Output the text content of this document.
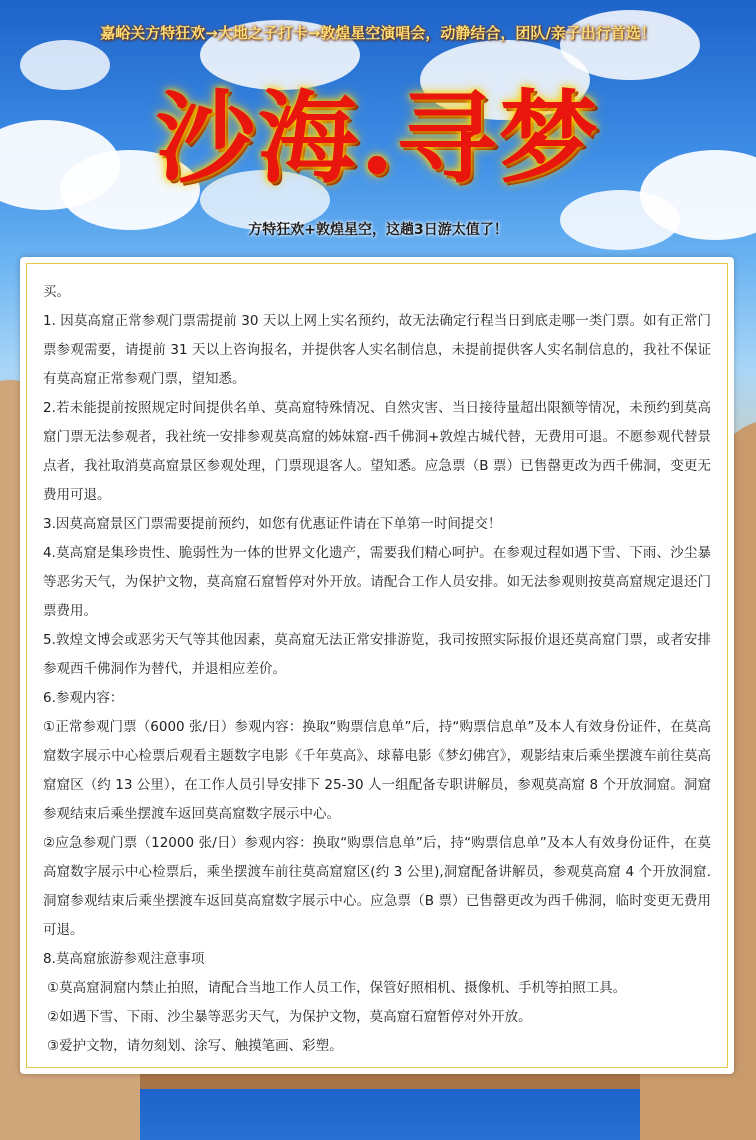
嘉峪关方特狂欢→大地之子打卡→敦煌星空演唱会，动静结合，团队/亲子出行首选！
沙海.寻梦
方特狂欢+敦煌星空，这趟3日游太值了！

买。

1. 因莫高窟正常参观门票需提前 30 天以上网上实名预约，故无法确定行程当日到底走哪一类门票。如有正常门票参观需要，请提前 31 天以上咨询报名，并提供客人实名制信息，未提前提供客人实名制信息的，我社不保证有莫高窟正常参观门票，望知悉。

2.若未能提前按照规定时间提供名单、莫高窟特殊情况、自然灾害、当日接待量超出限额等情况，未预约到莫高窟门票无法参观者，我社统一安排参观莫高窟的姊妹窟-西千佛洞+敦煌古城代替，无费用可退。不愿参观代替景点者，我社取消莫高窟景区参观处理，门票现退客人。望知悉。应急票（B 票）已售罄更改为西千佛洞，变更无费用可退。

3.因莫高窟景区门票需要提前预约，如您有优惠证件请在下单第一时间提交！

4.莫高窟是集珍贵性、脆弱性为一体的世界文化遗产，需要我们精心呵护。在参观过程如遇下雪、下雨、沙尘暴等恶劣天气，为保护文物，莫高窟石窟暂停对外开放。请配合工作人员安排。如无法参观则按莫高窟规定退还门票费用。

5.敦煌文博会或恶劣天气等其他因素，莫高窟无法正常安排游览，我司按照实际报价退还莫高窟门票，或者安排参观西千佛洞作为替代，并退相应差价。

6.参观内容：

①正常参观门票（6000 张/日）参观内容：换取“购票信息单”后，持“购票信息单”及本人有效身份证件，在莫高窟数字展示中心检票后观看主题数字电影《千年莫高》、球幕电影《梦幻佛宫》，观影结束后乘坐摆渡车前往莫高窟窟区（约 13 公里），在工作人员引导安排下 25-30 人一组配备专职讲解员，参观莫高窟 8 个开放洞窟。洞窟参观结束后乘坐摆渡车返回莫高窟数字展示中心。

②应急参观门票（12000 张/日）参观内容：换取“购票信息单”后，持“购票信息单”及本人有效身份证件，在莫高窟数字展示中心检票后，乘坐摆渡车前往莫高窟窟区(约 3 公里),洞窟配备讲解员，参观莫高窟 4 个开放洞窟.洞窟参观结束后乘坐摆渡车返回莫高窟数字展示中心。应急票（B 票）已售罄更改为西千佛洞，临时变更无费用可退。

8.莫高窟旅游参观注意事项

①莫高窟洞窟内禁止拍照，请配合当地工作人员工作，保管好照相机、摄像机、手机等拍照工具。

②如遇下雪、下雨、沙尘暴等恶劣天气，为保护文物，莫高窟石窟暂停对外开放。

③爱护文物，请勿刻划、涂写、触摸笔画、彩塑。
